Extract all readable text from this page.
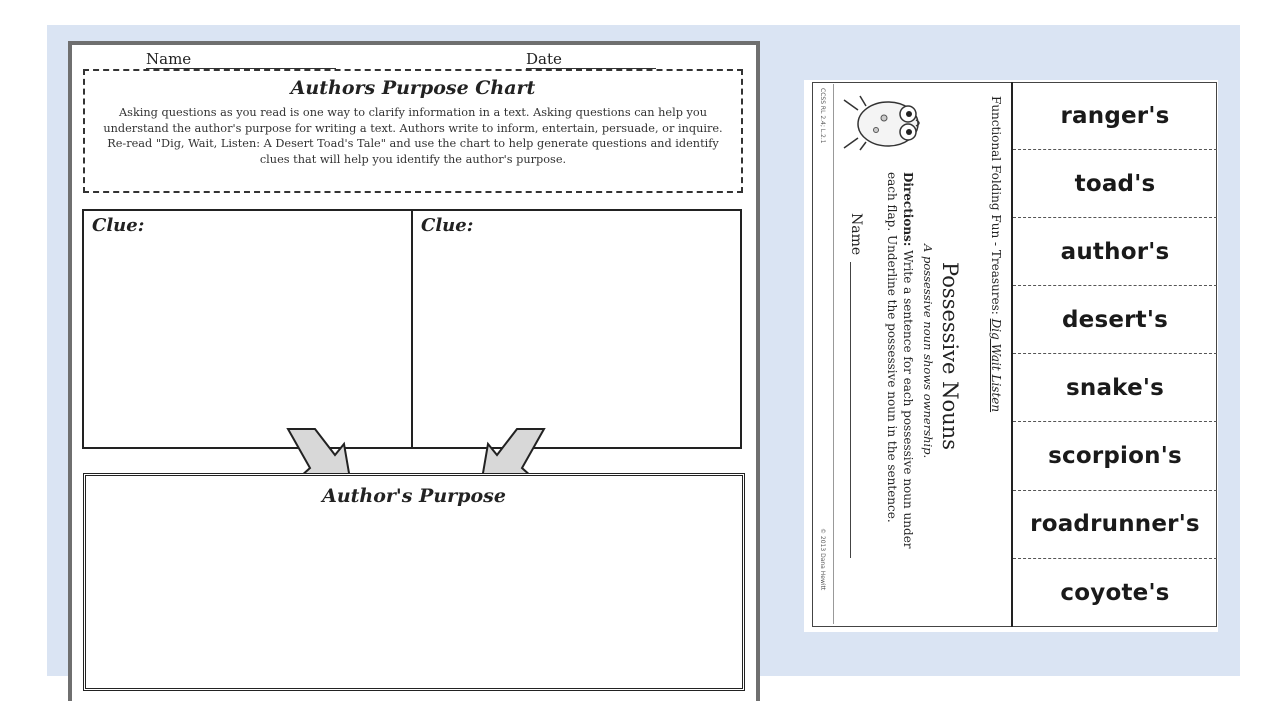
Name	Date
Authors Purpose Chart

Asking questions as you read is one way to clarify information in a text. Asking questions can help you understand the author's purpose for writing a text. Authors write to inform, entertain, persuade, or inquire. Re-read "Dig, Wait, Listen: A Desert Toad's Tale" and use the chart to help generate questions and identify clues that will help you identify the author's purpose.

Clue:	Clue:
Author's Purpose
Functional Folding Fun - Treasures: Dig Wait Listen
Possessive Nouns
A possessive noun shows ownership.
Directions: Write a sentence for each possessive noun under
each flap. Underline the possessive noun in the sentence.
Name
CCSS RL 2.4; L.2.1
© 2013 Dana Hewitt
ranger's
toad's
author's
desert's
snake's
scorpion's
roadrunner's
coyote's
